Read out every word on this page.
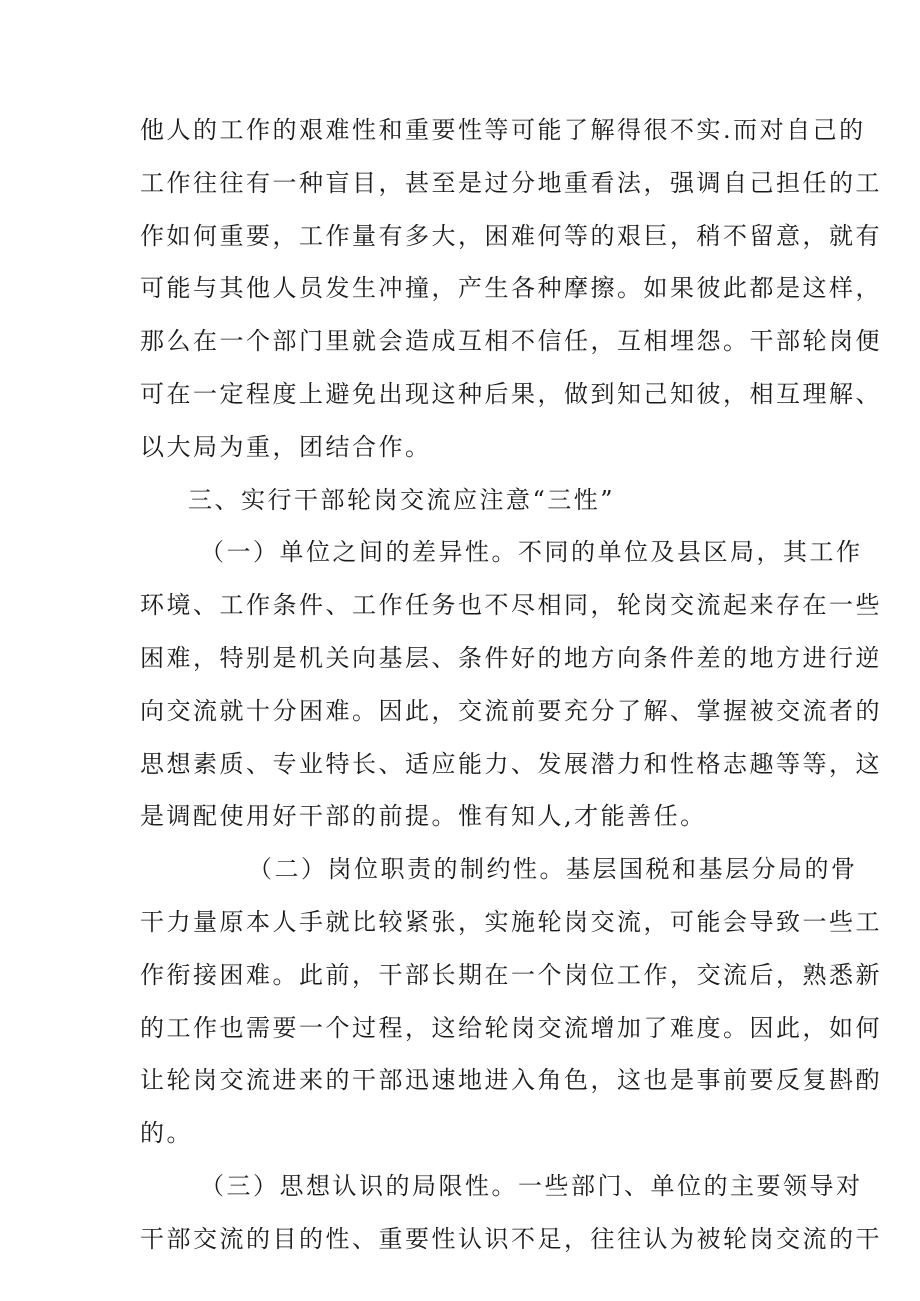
他人的工作的艰难性和重要性等可能了解得很不实.而对自己的
工作往往有一种盲目，甚至是过分地重看法，强调自己担任的工
作如何重要，工作量有多大，困难何等的艰巨，稍不留意，就有
可能与其他人员发生冲撞，产生各种摩擦。如果彼此都是这样，
那么在一个部门里就会造成互相不信任，互相埋怨。干部轮岗便
可在一定程度上避免出现这种后果，做到知己知彼，相互理解、
以大局为重，团结合作。
三、实行干部轮岗交流应注意“三性”
（一）单位之间的差异性。不同的单位及县区局，其工作
环境、工作条件、工作任务也不尽相同，轮岗交流起来存在一些
困难，特别是机关向基层、条件好的地方向条件差的地方进行逆
向交流就十分困难。因此，交流前要充分了解、掌握被交流者的
思想素质、专业特长、适应能力、发展潜力和性格志趣等等，这
是调配使用好干部的前提。惟有知人,才能善任。
（二）岗位职责的制约性。基层国税和基层分局的骨
干力量原本人手就比较紧张，实施轮岗交流，可能会导致一些工
作衔接困难。此前，干部长期在一个岗位工作，交流后，熟悉新
的工作也需要一个过程，这给轮岗交流增加了难度。因此，如何
让轮岗交流进来的干部迅速地进入角色，这也是事前要反复斟酌
的。
（三）思想认识的局限性。一些部门、单位的主要领导对
干部交流的目的性、重要性认识不足，往往认为被轮岗交流的干
